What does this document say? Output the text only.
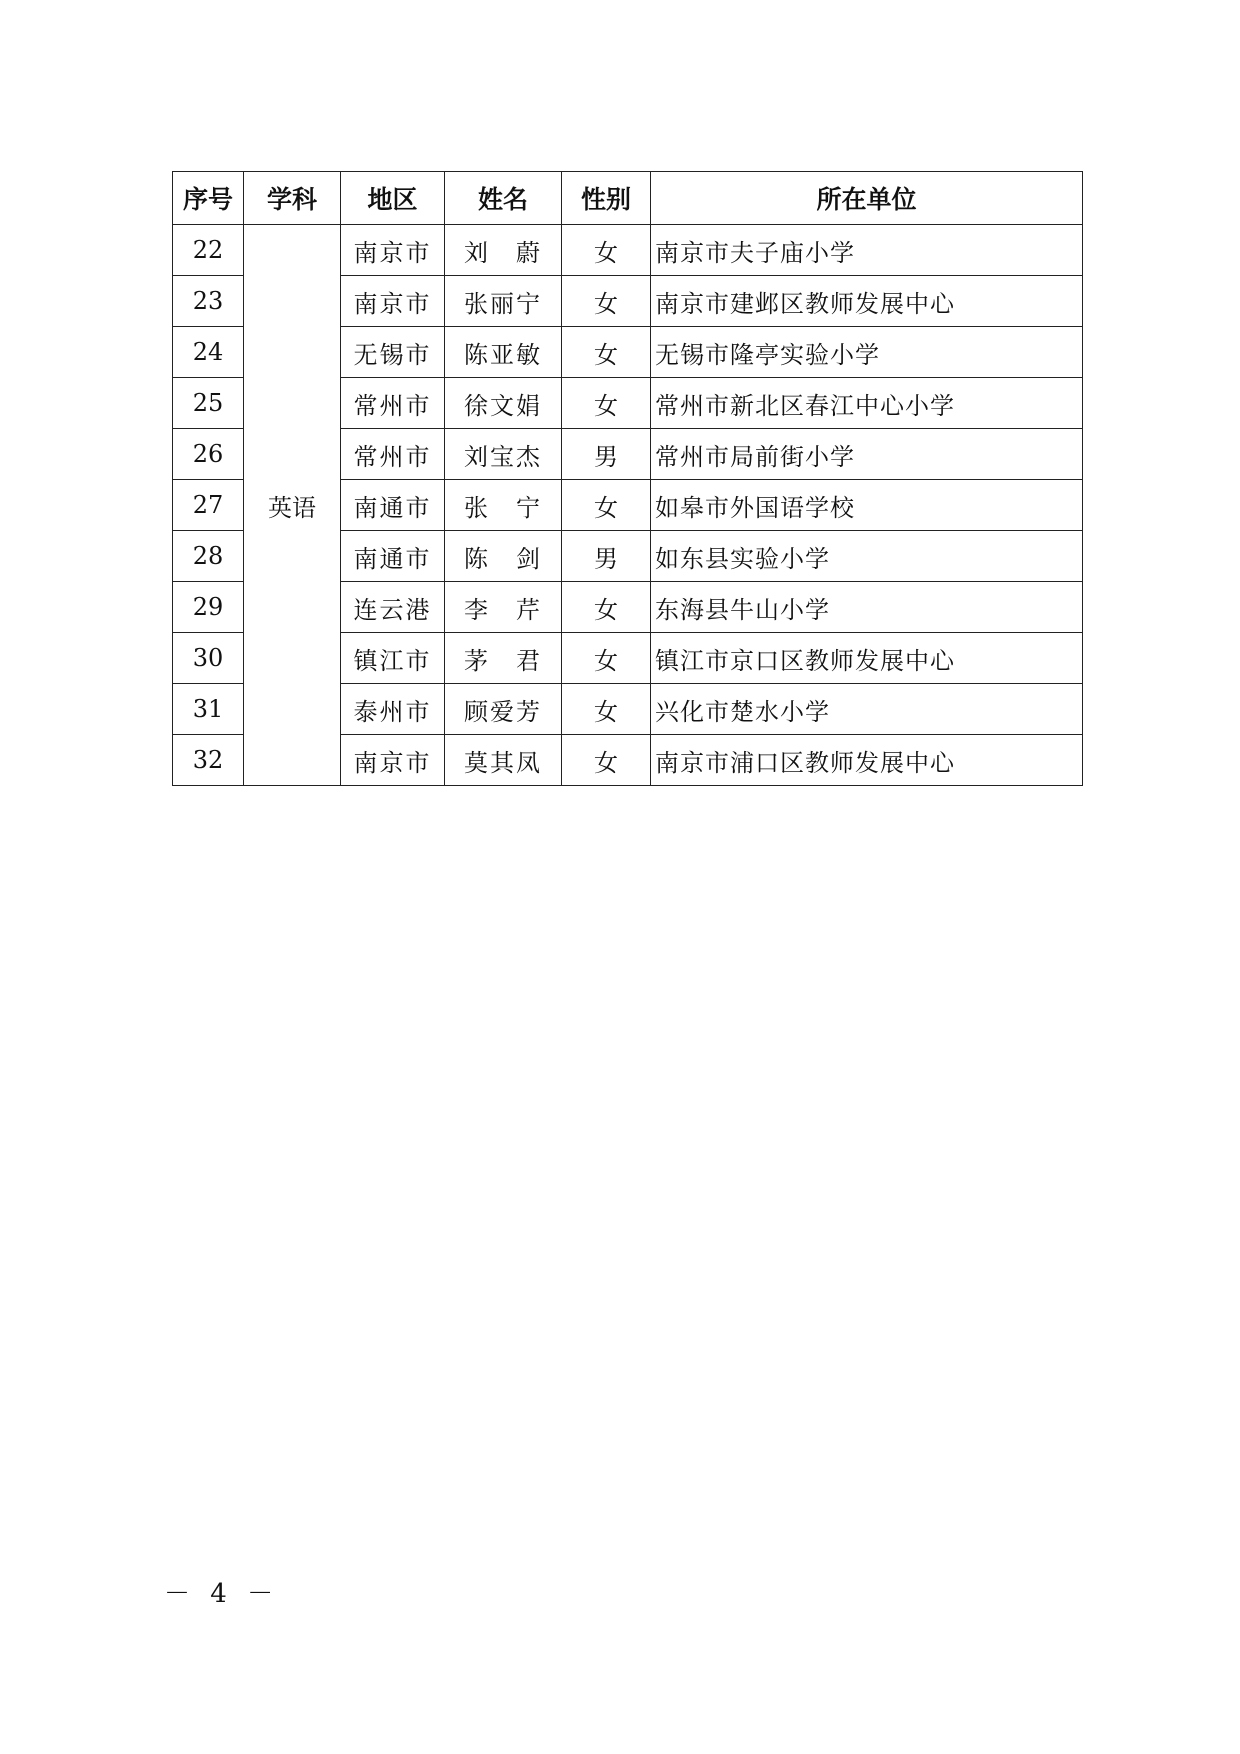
序号	学科	地区	姓名	性别	所在单位
22	英语	南京市	刘　蔚	女	南京市夫子庙小学
23		南京市	张丽宁	女	南京市建邺区教师发展中心
24		无锡市	陈亚敏	女	无锡市隆亭实验小学
25		常州市	徐文娟	女	常州市新北区春江中心小学
26		常州市	刘宝杰	男	常州市局前街小学
27		南通市	张　宁	女	如皋市外国语学校
28		南通市	陈　剑	男	如东县实验小学
29		连云港	李　芹	女	东海县牛山小学
30		镇江市	茅　君	女	镇江市京口区教师发展中心
31		泰州市	顾爱芳	女	兴化市楚水小学
32		南京市	莫其凤	女	南京市浦口区教师发展中心
－ 4 －
